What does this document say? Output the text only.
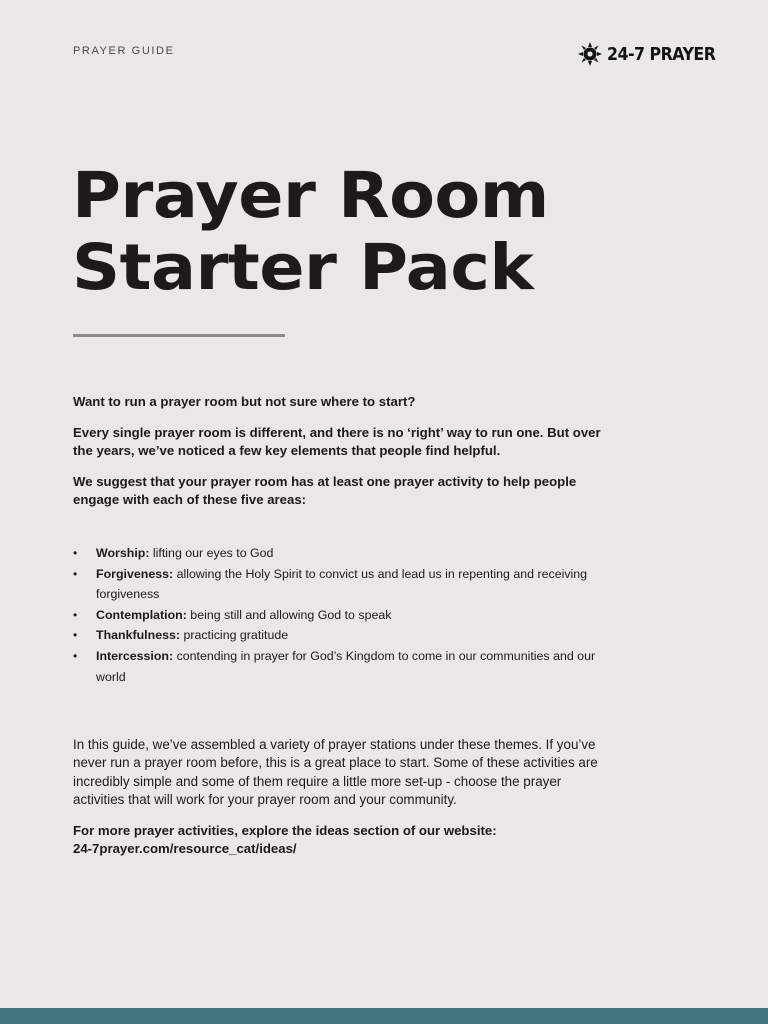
PRAYER GUIDE	24-7 PRAYER
Prayer Room
Starter Pack

Want to run a prayer room but not sure where to start?

Every single prayer room is different, and there is no ‘right’ way to run one. But over the years, we’ve noticed a few key elements that people find helpful.

We suggest that your prayer room has at least one prayer activity to help people engage with each of these five areas:

• Worship: lifting our eyes to God
• Forgiveness: allowing the Holy Spirit to convict us and lead us in repenting and receiving forgiveness
• Contemplation: being still and allowing God to speak
• Thankfulness: practicing gratitude
• Intercession: contending in prayer for God’s Kingdom to come in our communities and our world

In this guide, we’ve assembled a variety of prayer stations under these themes. If you’ve never run a prayer room before, this is a great place to start. Some of these activities are incredibly simple and some of them require a little more set-up - choose the prayer activities that will work for your prayer room and your community.

For more prayer activities, explore the ideas section of our website:
24-7prayer.com/resource_cat/ideas/
